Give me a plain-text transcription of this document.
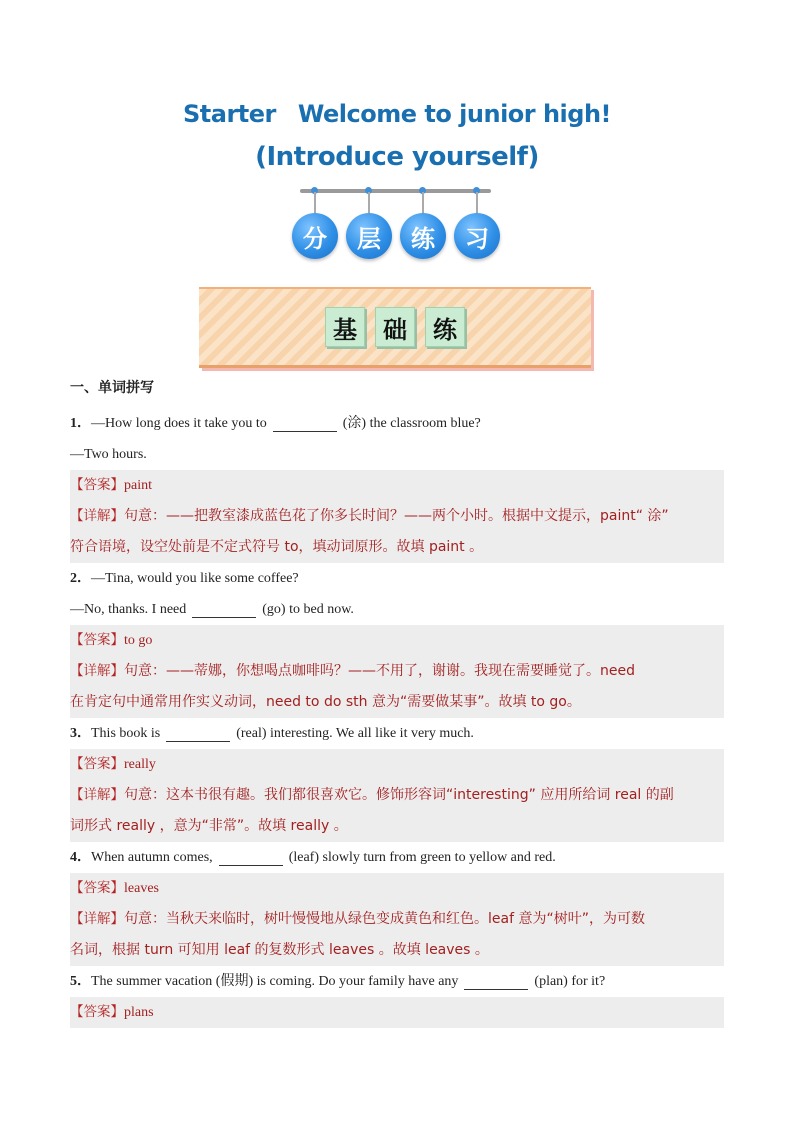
Starter Welcome to junior high!
(Introduce yourself)
分	层	练	习
基	础	练
一、单词拼写
1．—How long does it take you to	(涂) the classroom blue?
—Two hours.
【答案】paint
【详解】句意：——把教室漆成蓝色花了你多长时间？——两个小时。根据中文提示，paint“ 涂”
符合语境，设空处前是不定式符号 to，填动词原形。故填 paint 。
2．—Tina, would you like some coffee?
—No, thanks. I need	(go) to bed now.
【答案】to go
【详解】句意：——蒂娜，你想喝点咖啡吗？——不用了，谢谢。我现在需要睡觉了。need
在肯定句中通常用作实义动词，need to do sth 意为“需要做某事”。故填 to go。
3．This book is	(real) interesting. We all like it very much.
【答案】really
【详解】句意：这本书很有趣。我们都很喜欢它。修饰形容词“interesting” 应用所给词 real 的副
词形式 really ，意为“非常”。故填 really 。
4．When autumn comes,	(leaf) slowly turn from green to yellow and red.
【答案】leaves
【详解】句意：当秋天来临时，树叶慢慢地从绿色变成黄色和红色。leaf 意为“树叶”，为可数
名词，根据 turn 可知用 leaf 的复数形式 leaves 。故填 leaves 。
5．The summer vacation (假期) is coming. Do your family have any	(plan) for it?
【答案】plans
